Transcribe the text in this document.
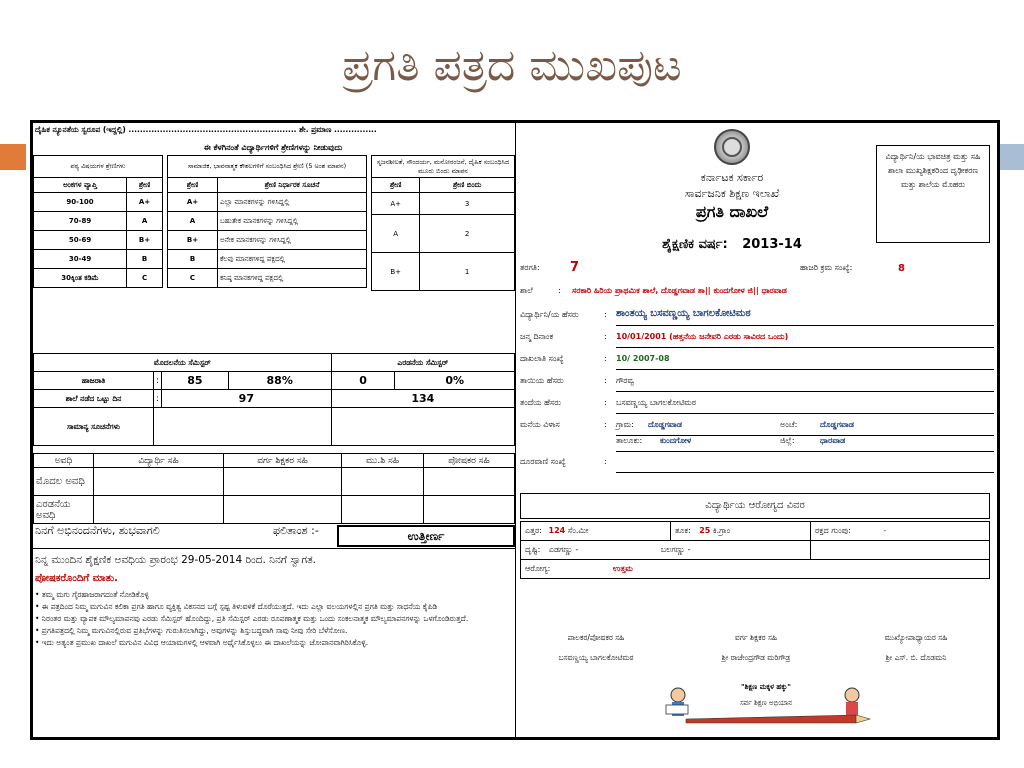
ಪ್ರಗತಿ ಪತ್ರದ ಮುಖಪುಟ
ದೈಹಿಕ ನ್ಯೂನತೆಯ ಸ್ವರೂಪ (ಇದ್ದಲ್ಲಿ) ........................................................... ಶೇ. ಪ್ರಮಾಣ ...............
ಈ ಕೆಳಗಿನಂತೆ ವಿದ್ಯಾರ್ಥಿಗಳಿಗೆ ಶ್ರೇಣಿಗಳನ್ನು ನೀಡುವುದು
ಪಠ್ಯ ವಿಷಯಗಳ ಶ್ರೇಣಿಗಳು	
ಅಂಕಗಳ ವ್ಯಾಪ್ತಿ	ಶ್ರೇಣಿ
90-100	A+
70-89	A
50-69	B+
30-49	B
30ಕ್ಕಿಂತ ಕಡಿಮೆ	C
ಸಾಮಾಜಿಕ, ಭಾವನಾತ್ಮಕ ಕೌಶಲಗಳಿಗೆ ಸಂಬಂಧಿಸಿದ ಶ್ರೇಣಿ (5 ಅಂಶ ಮಾಪನ)	
ಶ್ರೇಣಿ	ಶ್ರೇಣಿ ನಿರ್ಧಾರಕ ಸೂಚನೆ
A+	ಎಲ್ಲಾ ಮಾನಕಗಳನ್ನು ಗಳಿಸಿದ್ದಲ್ಲಿ
A	ಬಹುತೇಕ ಮಾನಕಗಳನ್ನು ಗಳಿಸಿದ್ದಲ್ಲಿ
B+	ಅನೇಕ ಮಾನಕಗಳನ್ನು ಗಳಿಸಿದ್ದಲ್ಲಿ
B	ಕೆಲವು ಮಾನಕಗಳಿದ್ದ ಪಕ್ಷದಲ್ಲಿ
C	ಕನಿಷ್ಠ ಮಾನಕಗಳಿದ್ದ ಪಕ್ಷದಲ್ಲಿ
ಸೃಜನಶೀಲತೆ, ಸೌಂದರ್ಯ, ಮನೋರಂಜನೆ, ದೈಹಿಕ ಸಂಬಂಧಿಸಿದ ಮೂರು ಬಿಂದು ಮಾಪನ	
ಶ್ರೇಣಿ	ಶ್ರೇಣಿ ಬಿಂದು
A+	3
A	2
B+	1
ಮೊದಲನೆಯ ಸೆಮಿಸ್ಟರ್				ಎರಡನೆಯ ಸೆಮಿಸ್ಟರ್	
ಹಾಜರಾತಿ	:	85	88%	0	0%
ಶಾಲೆ ನಡೆದ ಒಟ್ಟು ದಿನ	:	97		134	
ಸಾಮಾನ್ಯ ಸೂಚನೆಗಳು					
ಅವಧಿ	ವಿದ್ಯಾರ್ಥಿ ಸಹಿ	ವರ್ಗ ಶಿಕ್ಷಕರ ಸಹಿ	ಮು.ಶಿ ಸಹಿ	ಪೋಷಕರ ಸಹಿ
ಮೊದಲ ಅವಧಿ				
ಎರಡನೆಯ ಅವಧಿ				
ನಿನಗೆ ಅಭಿನಂದನೆಗಳು, ಶುಭವಾಗಲಿ	ಫಲಿತಾಂಶ :-	ಉತ್ತೀರ್ಣ
ನಿನ್ನ ಮುಂದಿನ ಶೈಕ್ಷಣಿಕ ಅವಧಿಯ ಪ್ರಾರಂಭ 29-05-2014 ರಿಂದ. ನಿನಗೆ ಸ್ವಾಗತ.
ಪೋಷಕರೊಂದಿಗೆ ಮಾತು.

• ತಮ್ಮ ಮಗು ಗೈರಹಾಜರಾಗದಂತೆ ನೋಡಿಕೊಳ್ಳಿ

• ಈ ಪತ್ರದಿಂದ ನಿಮ್ಮ ಮಗುವಿನ ಕಲಿಕಾ ಪ್ರಗತಿ ಹಾಗೂ ವ್ಯಕ್ತಿತ್ವ ವಿಕಸನದ ಬಗ್ಗೆ ಸ್ಪಷ್ಟ ತಿಳುವಳಿಕೆ ದೊರೆಯುತ್ತದೆ. ಇದು ಎಲ್ಲಾ ವಲಯಗಳಲ್ಲಿನ ಪ್ರಗತಿ ಮತ್ತು ಸಾಧನೆಯ ಕೈಪಿಡಿ

• ನಿರಂತರ ಮತ್ತು ವ್ಯಾಪಕ ಮೌಲ್ಯಮಾಪನವು ಎರಡು ಸೆಮಿಸ್ಟರ್ ಹೊಂದಿದ್ದು, ಪ್ರತಿ ಸೆಮಿಸ್ಟರ್ ಎರಡು ರೂಪಣಾತ್ಮಕ ಮತ್ತು ಒಂದು ಸಂಕಲನಾತ್ಮಕ ಮೌಲ್ಯಮಾಪನಗಳನ್ನು ಒಳಗೊಂಡಿರುತ್ತದೆ.

• ಪ್ರಗತಿಪತ್ರದಲ್ಲಿ ನಿಮ್ಮ ಮಗುವಿನಲ್ಲಿರುವ ಪ್ರತಿಭೆಗಳನ್ನು ಗುರುತಿಸಲಾಗಿದ್ದು, ಅವುಗಳನ್ನು ಶಿಸ್ತುಬದ್ಧವಾಗಿ ಸಾವು ನೀವು ಸೇರಿ ಬೆಳೆಸೋಣ.

• ಇದು ಅತ್ಯಂತ ಪ್ರಮುಖ ದಾಖಲೆ ಮಗುವಿನ ವಿವಿಧ ಆಯಾಮಗಳಲ್ಲಿ ಆಳವಾಗಿ ಅರ್ಥೈಸಿಕೊಳ್ಳಲು ಈ ದಾಖಲೆಯನ್ನು ಜೋಪಾನವಾಗಿರಿಸಿಕೊಳ್ಳಿ.

ಕರ್ನಾಟಕ ಸರ್ಕಾರ
ಸಾರ್ವಜನಿಕ ಶಿಕ್ಷಣ ಇಲಾಖೆ
ಪ್ರಗತಿ ದಾಖಲೆ
ವಿದ್ಯಾರ್ಥಿನಿ/ಯ ಭಾವಚಿತ್ರ ಮತ್ತು ಸಹಿ ಶಾಲಾ ಮುಖ್ಯಶಿಕ್ಷಕರಿಂದ ದೃಢೀಕರಣ ಮತ್ತು ಶಾಲೆಯ ಮೊಹರು
ಶೈಕ್ಷಣಿಕ ವರ್ಷ: 2013-14
ತರಗತಿ:	7	ಹಾಜರಿ ಕ್ರಮ ಸಂಖ್ಯೆ:	8
ಶಾಲೆ	:	ಸರಕಾರಿ ಹಿರಿಯ ಪ್ರಾಥಮಿಕ ಶಾಲೆ, ದೊಡ್ಡಗವಾಡ ತಾ|| ಕುಂದಗೋಳ ಜಿ|| ಧಾರವಾಡ
ವಿದ್ಯಾರ್ಥಿನಿ/ಯ ಹೆಸರು	: ಶಾಂತಯ್ಯ ಬಸವಣ್ಣಯ್ಯ ಬಾಗಲಕೋಟಿಮಠ
ಜನ್ಮ ದಿನಾಂಕ	:	10/01/2001 (ಹತ್ತನೆಯ ಜನೇವರಿ ಎರಡು ಸಾವಿರದ ಒಂದು)
ದಾಖಲಾತಿ ಸಂಖ್ಯೆ	:	10/ 2007-08
ತಾಯಿಯ ಹೆಸರು	:	ಗೌರವ್ವ
ತಂದೆಯ ಹೆಸರು	:	ಬಸವಣ್ಣಯ್ಯ ಬಾಗಲಕೋಟಿಮಠ
ಮನೆಯ ವಿಳಾಸ	:	ಗ್ರಾಮ: ದೊಡ್ಡಗವಾಡ	ಅಂಚೆ:	ದೊಡ್ಡಗವಾಡ
ತಾಲೂಕು: ಕುಂದಗೋಳ	ಜಿಲ್ಲೆ:	ಧಾರವಾಡ
ದೂರವಾಣಿ ಸಂಖ್ಯೆ	:
ವಿದ್ಯಾರ್ಥಿಯ ಆರೋಗ್ಯದ ವಿವರ
ಎತ್ತರ: 124 ಸೆಂ.ಮೀ	ತೂಕ: 25 ಕಿ.ಗ್ರಾಂ	ರಕ್ತದ ಗುಂಪು: -
ದೃಷ್ಟಿ: ಎಡಗಣ್ಣು - ಬಲಗಣ್ಣು -		
ಆರೋಗ್ಯ: ಉತ್ತಮ		
ಪಾಲಕರ/ಪೋಷಕರ ಸಹಿ	ವರ್ಗ ಶಿಕ್ಷಕರ ಸಹಿ	ಮುಖ್ಯೋಪಾಧ್ಯಾಯರ ಸಹಿ
ಬಸವಣ್ಣಯ್ಯ ಬಾಗಲಕೋಟಿಮಠ	ಶ್ರೀ ರಾಜೇಂದ್ರಗೌಡ ಮರಿಗೌಡ್ರ	ಶ್ರೀ ಎಸ್. ಬಿ. ದೊಡಮನಿ
"ಶಿಕ್ಷಣ ಮಕ್ಕಳ ಹಕ್ಕು"
ಸರ್ವ ಶಿಕ್ಷಣ ಅಭಿಯಾನ
